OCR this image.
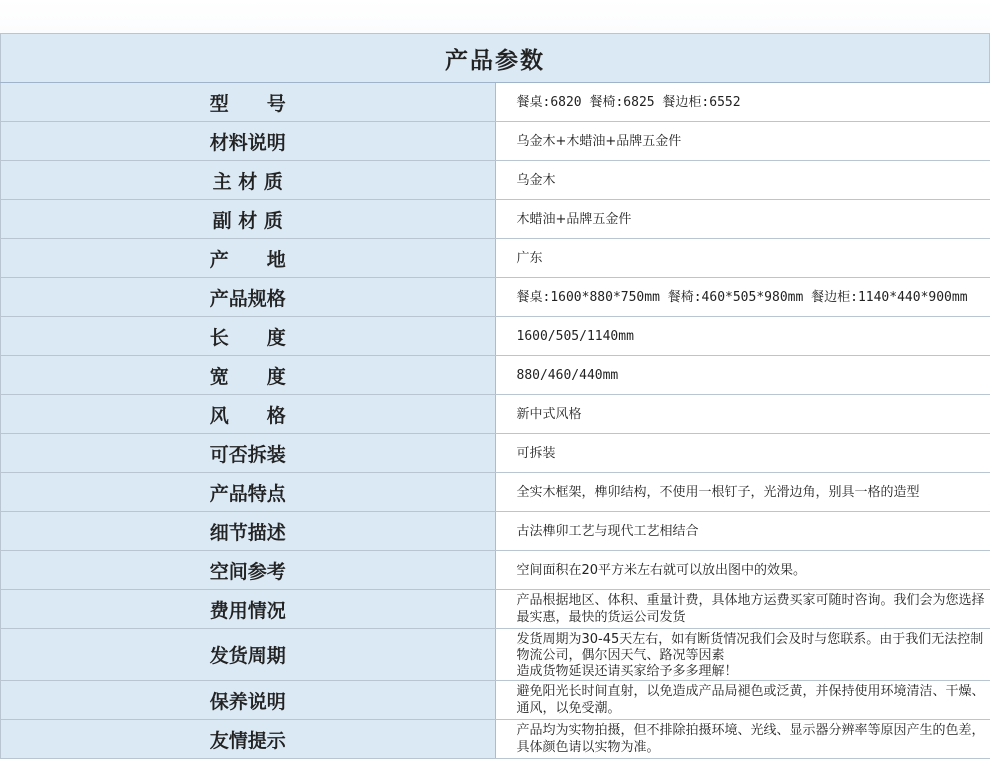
产品参数	

型　　号	餐桌:6820 餐椅:6825 餐边柜:6552

材料说明	乌金木+木蜡油+品牌五金件

主 材 质	乌金木

副 材 质	木蜡油+品牌五金件

产　　地	广东

产品规格	餐桌:1600*880*750mm 餐椅:460*505*980mm 餐边柜:1140*440*900mm

长　　度	1600/505/1140mm

宽　　度	880/460/440mm

风　　格	新中式风格

可否拆装	可拆装

产品特点	全实木框架，榫卯结构，不使用一根钉子，光滑边角，别具一格的造型

细节描述	古法榫卯工艺与现代工艺相结合

空间参考	空间面积在20平方米左右就可以放出图中的效果。

费用情况	产品根据地区、体积、重量计费，具体地方运费买家可随时咨询。我们会为您选择最实惠，最快的货运公司发货

发货周期	发货周期为30-45天左右，如有断货情况我们会及时与您联系。由于我们无法控制物流公司，偶尔因天气、路况等因素
造成货物延误还请买家给予多多理解！

保养说明	避免阳光长时间直射，以免造成产品局褪色或泛黄，并保持使用环境清洁、干燥、通风，以免受潮。

友情提示	产品均为实物拍摄，但不排除拍摄环境、光线、显示器分辨率等原因产生的色差，具体颜色请以实物为准。
